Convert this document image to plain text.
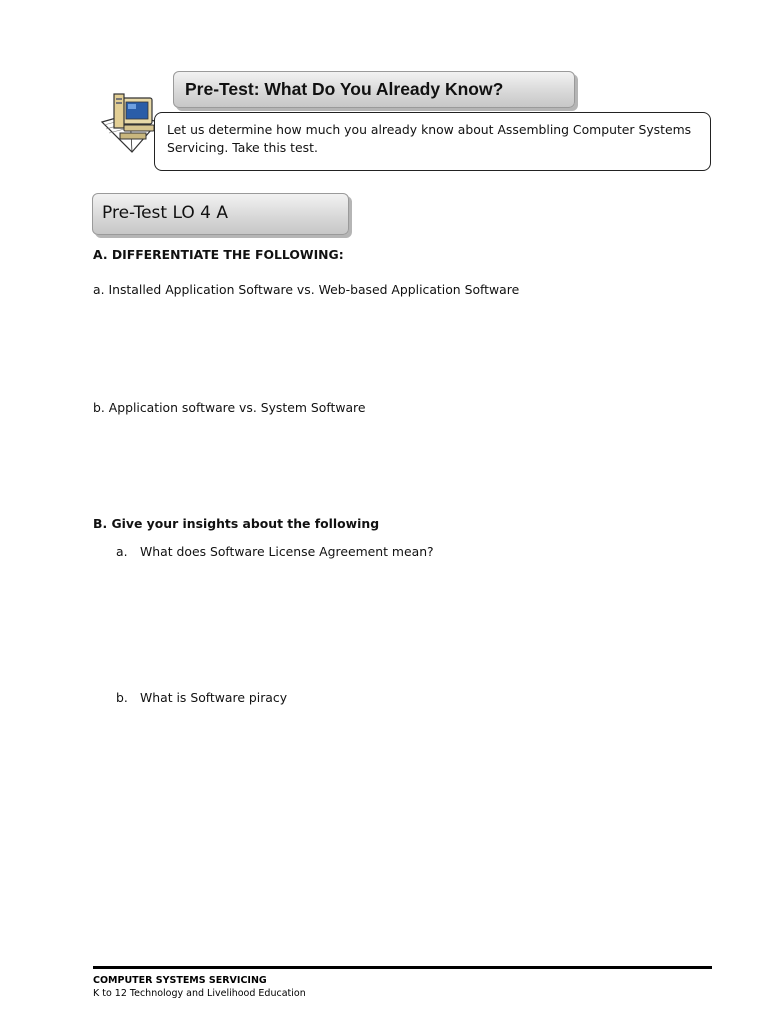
Pre-Test: What Do You Already Know?
Let us determine how much you already know about Assembling Computer Systems Servicing. Take this test.
Pre-Test LO 4 A
A. DIFFERENTIATE THE FOLLOWING:
a. Installed Application Software vs. Web-based Application Software
b. Application software vs. System Software
B. Give your insights about the following
a. What does Software License Agreement mean?
b. What is Software piracy
COMPUTER SYSTEMS SERVICING
K to 12 Technology and Livelihood Education
